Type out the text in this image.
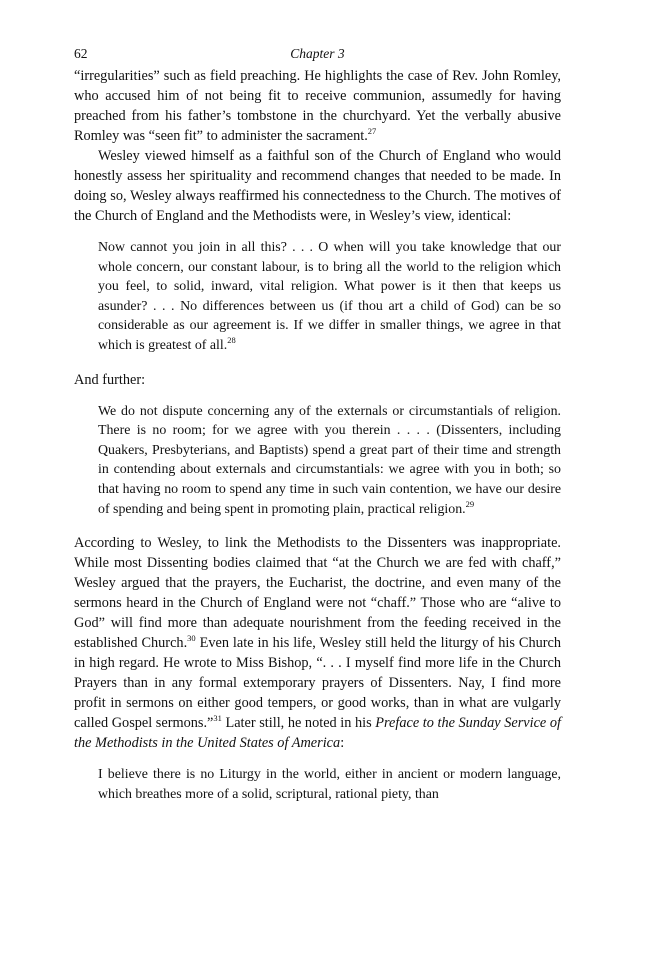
62	Chapter 3

“irregularities” such as field preaching. He highlights the case of Rev. John Romley, who accused him of not being fit to receive communion, assumedly for having preached from his father’s tombstone in the churchyard. Yet the verbally abusive Romley was “seen fit” to administer the sacrament.$^{27}$

Wesley viewed himself as a faithful son of the Church of England who would honestly assess her spirituality and recommend changes that needed to be made. In doing so, Wesley always reaffirmed his connectedness to the Church. The motives of the Church of England and the Methodists were, in Wesley’s view, identical:

Now cannot you join in all this? . . . O when will you take knowledge that our whole concern, our constant labour, is to bring all the world to the religion which you feel, to solid, inward, vital religion. What power is it then that keeps us asunder? . . . No differences between us (if thou art a child of God) can be so considerable as our agreement is. If we differ in smaller things, we agree in that which is greatest of all.$^{28}$

And further:

We do not dispute concerning any of the externals or circumstantials of religion. There is no room; for we agree with you therein . . . . (Dissenters, including Quakers, Presbyterians, and Baptists) spend a great part of their time and strength in contending about externals and circumstantials: we agree with you in both; so that having no room to spend any time in such vain contention, we have our desire of spending and being spent in promoting plain, practical religion.$^{29}$

According to Wesley, to link the Methodists to the Dissenters was inappropriate. While most Dissenting bodies claimed that “at the Church we are fed with chaff,” Wesley argued that the prayers, the Eucharist, the doctrine, and even many of the sermons heard in the Church of England were not “chaff.” Those who are “alive to God” will find more than adequate nourishment from the feeding received in the established Church.$^{30}$ Even late in his life, Wesley still held the liturgy of his Church in high regard. He wrote to Miss Bishop, “. . . I myself find more life in the Church Prayers than in any formal extemporary prayers of Dissenters. Nay, I find more profit in sermons on either good tempers, or good works, than in what are vulgarly called Gospel sermons.”$^{31}$ Later still, he noted in his Preface to the Sunday Service of the Methodists in the United States of America:

I believe there is no Liturgy in the world, either in ancient or modern language, which breathes more of a solid, scriptural, rational piety, than
